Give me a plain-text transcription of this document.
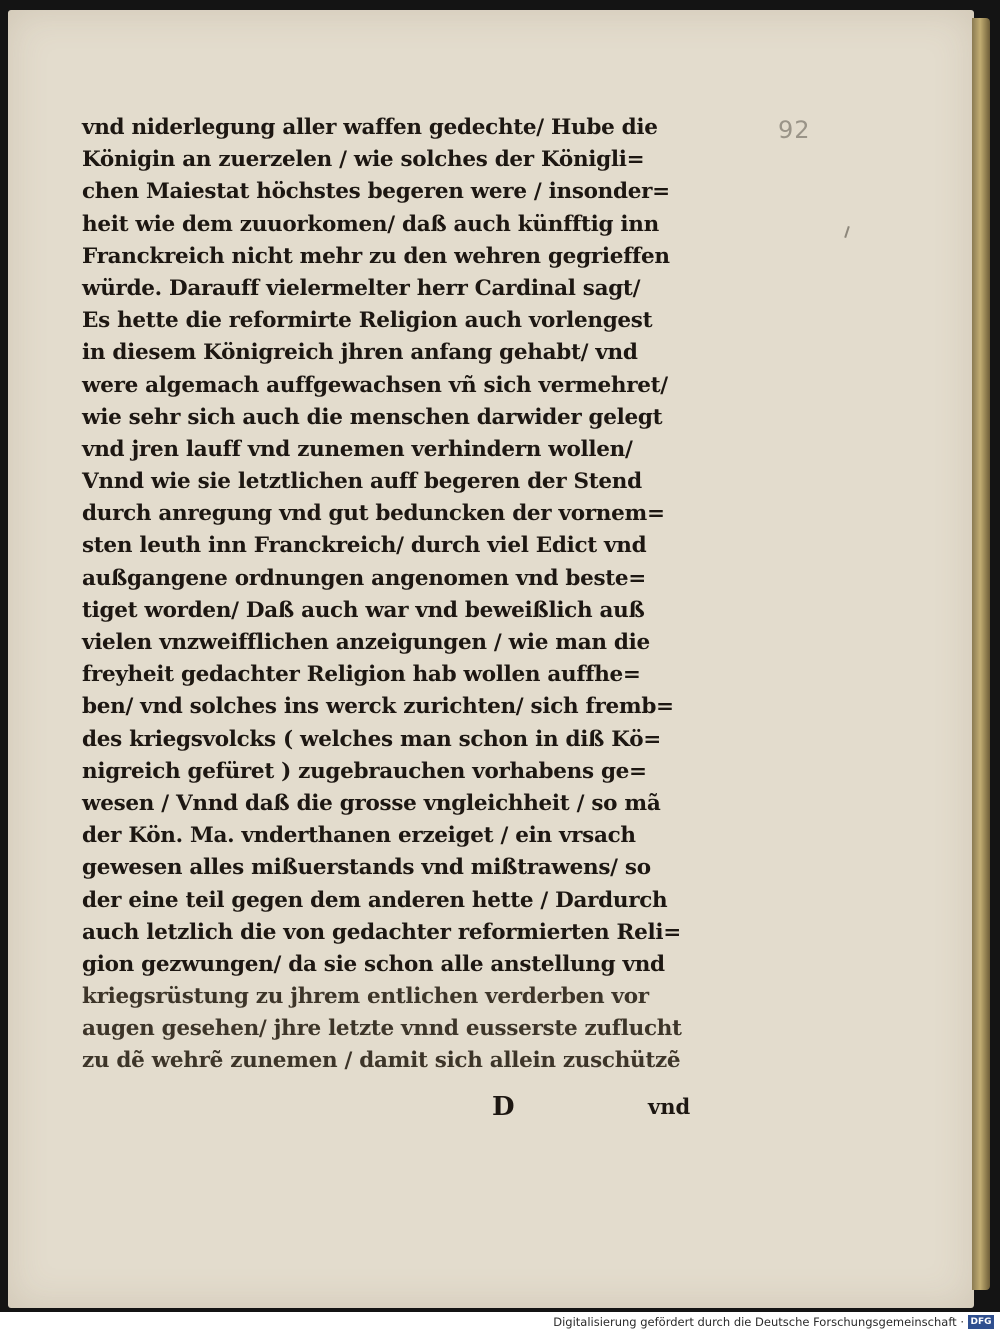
92
vnd niderlegung aller waffen gedechte/ Hube die
Königin an zuerzelen / wie solches der Königli=
chen Maiestat höchstes begeren were / insonder=
heit wie dem zuuorkomen/ daß auch künfftig inn
Franckreich nicht mehr zu den wehren gegrieffen
würde. Darauff vielermelter herr Cardinal sagt/
Es hette die reformirte Religion auch vorlengest
in diesem Königreich jhren anfang gehabt/ vnd
were algemach auffgewachsen vñ sich vermehret/
wie sehr sich auch die menschen darwider gelegt
vnd jren lauff vnd zunemen verhindern wollen/
Vnnd wie sie letztlichen auff begeren der Stend
durch anregung vnd gut beduncken der vornem=
sten leuth inn Franckreich/ durch viel Edict vnd
außgangene ordnungen angenomen vnd beste=
tiget worden/ Daß auch war vnd beweißlich auß
vielen vnzweifflichen anzeigungen / wie man die
freyheit gedachter Religion hab wollen auffhe=
ben/ vnd solches ins werck zurichten/ sich fremb=
des kriegsvolcks ( welches man schon in diß Kö=
nigreich gefüret ) zugebrauchen vorhabens ge=
wesen / Vnnd daß die grosse vngleichheit / so mã
der Kön. Ma. vnderthanen erzeiget / ein vrsach
gewesen alles mißuerstands vnd mißtrawens/ so
der eine teil gegen dem anderen hette / Dardurch
auch letzlich die von gedachter reformierten Reli=
gion gezwungen/ da sie schon alle anstellung vnd
kriegsrüstung zu jhrem entlichen verderben vor
augen gesehen/ jhre letzte vnnd eusserste zuflucht
zu dẽ wehrẽ zunemen / damit sich allein zuschützẽ
D	vnd
Digitalisierung gefördert durch die Deutsche Forschungsgemeinschaft · DFG
